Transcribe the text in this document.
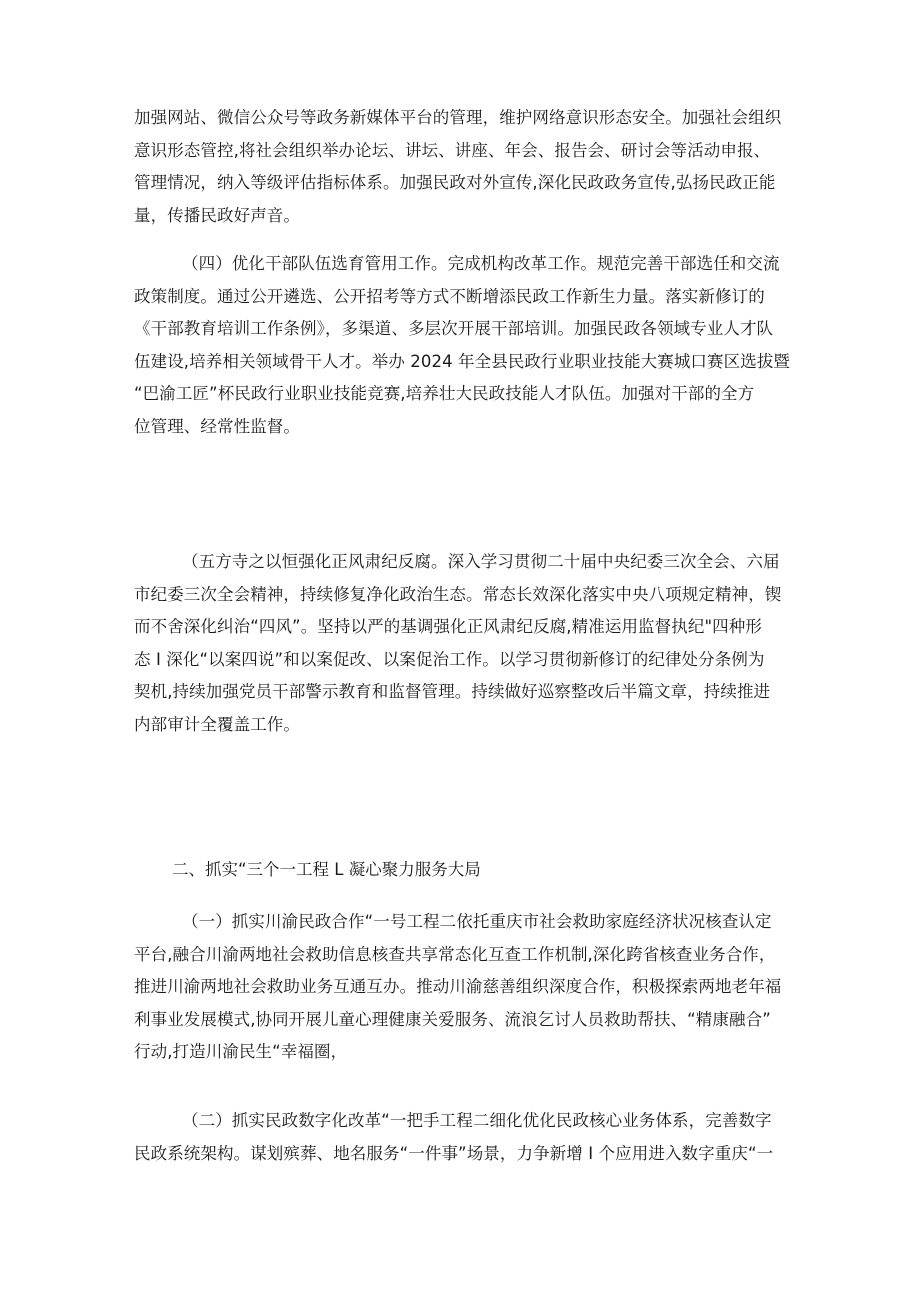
加强网站、微信公众号等政务新媒体平台的管理，维护网络意识形态安全。加强社会组织
意识形态管控,将社会组织举办论坛、讲坛、讲座、年会、报告会、研讨会等活动申报、
管理情况，纳入等级评估指标体系。加强民政对外宣传,深化民政政务宣传,弘扬民政正能
量，传播民政好声音。

（四）优化干部队伍选育管用工作。完成机构改革工作。规范完善干部选任和交流
政策制度。通过公开遴选、公开招考等方式不断增添民政工作新生力量。落实新修订的
《干部教育培训工作条例》，多渠道、多层次开展干部培训。加强民政各领域专业人才队
伍建设,培养相关领域骨干人才。举办 2024 年全县民政行业职业技能大赛城口赛区选拔暨
“巴渝工匠”杯民政行业职业技能竞赛,培养壮大民政技能人才队伍。加强对干部的全方
位管理、经常性监督。

（五方寺之以恒强化正风肃纪反腐。深入学习贯彻二十届中央纪委三次全会、六届
市纪委三次全会精神，持续修复净化政治生态。常态长效深化落实中央八项规定精神，锲
而不舍深化纠治“四风”。坚持以严的基调强化正风肃纪反腐,精准运用监督执纪"四种形
态 I 深化“以案四说”和以案促改、以案促治工作。以学习贯彻新修订的纪律处分条例为
契机,持续加强党员干部警示教育和监督管理。持续做好巡察整改后半篇文章，持续推进
内部审计全覆盖工作。

二、抓实“三个一工程 L 凝心聚力服务大局

（一）抓实川渝民政合作“一号工程二依托重庆市社会救助家庭经济状况核查认定
平台,融合川渝两地社会救助信息核查共享常态化互查工作机制,深化跨省核查业务合作，
推进川渝两地社会救助业务互通互办。推动川渝慈善组织深度合作，积极探索两地老年福
利事业发展模式,协同开展儿童心理健康关爱服务、流浪乞讨人员救助帮扶、“精康融合”
行动,打造川渝民生“幸福圈，

（二）抓实民政数字化改革“一把手工程二细化优化民政核心业务体系，完善数字
民政系统架构。谋划殡葬、地名服务“一件事”场景，力争新增 I 个应用进入数字重庆“一
